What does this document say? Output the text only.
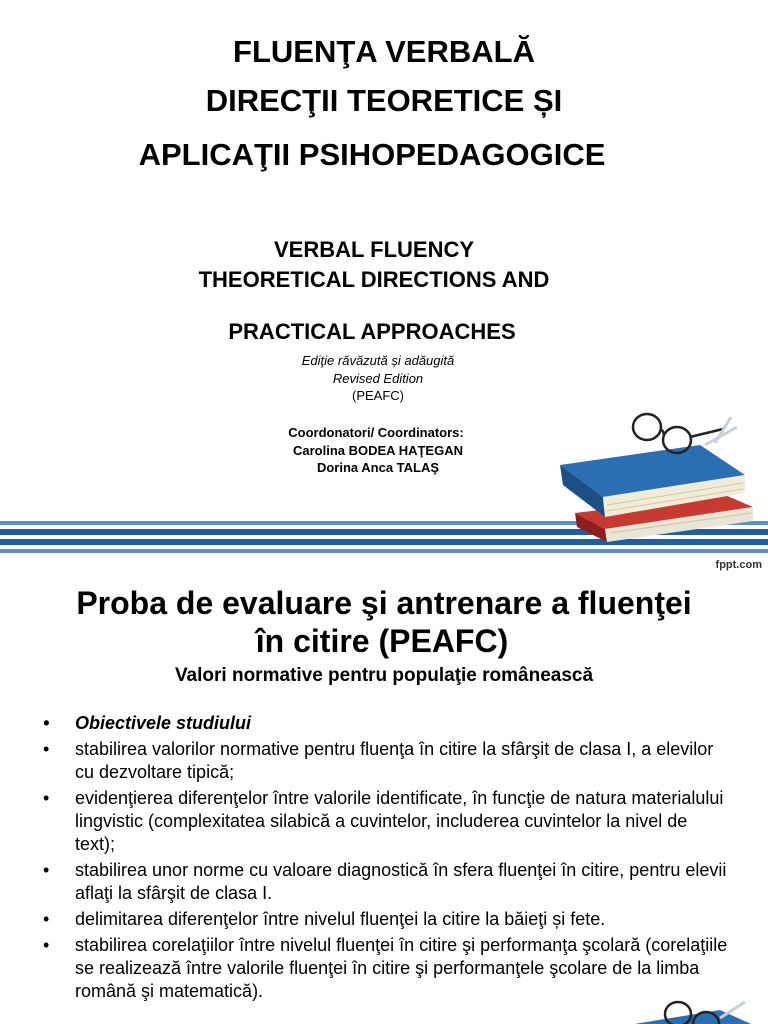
FLUENŢA VERBALĂ
DIRECŢII TEORETICE ȘI
APLICAŢII PSIHOPEDAGOGICE
VERBAL FLUENCY
THEORETICAL DIRECTIONS AND
PRACTICAL APPROACHES
Ediţie răvăzută și adăugită
Revised Edition
(PEAFC)
Coordonatori/ Coordinators:
Carolina BODEA HAŢEGAN
Dorina Anca TALAŞ
fppt.com
Proba de evaluare şi antrenare a fluenţei
în citire (PEAFC)
Valori normative pentru populaţie românească
• Obiectivele studiului
• stabilirea valorilor normative pentru fluenţa în citire la sfârşit de clasa I, a elevilor cu dezvoltare tipică;
• evidenţierea diferenţelor între valorile identificate, în funcţie de natura materialului lingvistic (complexitatea silabică a cuvintelor, includerea cuvintelor la nivel de text);
• stabilirea unor norme cu valoare diagnostică în sfera fluenţei în citire, pentru elevii aflaţi la sfârşit de clasa I.
• delimitarea diferenţelor între nivelul fluenţei la citire la băieţi și fete.
• stabilirea corelaţiilor între nivelul fluenţei în citire şi performanţa şcolară (corelaţiile se realizează între valorile fluenţei în citire şi performanţele şcolare de la limba română şi matematică).
